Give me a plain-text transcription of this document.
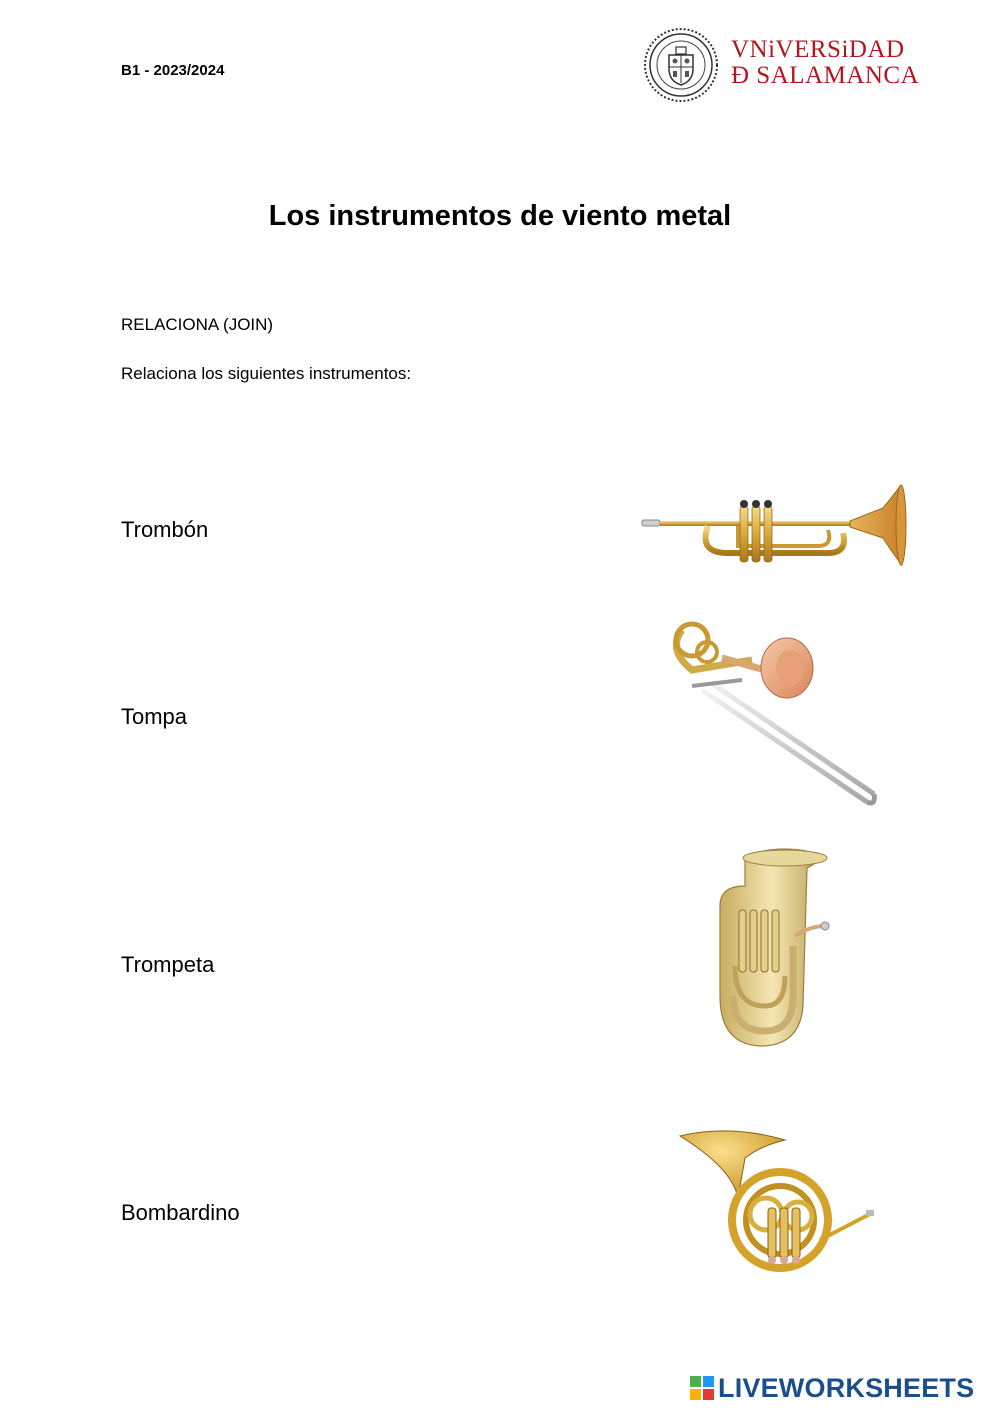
B1 - 2023/2024
VNiVERSiDAD
Ð SALAMANCA
Los instrumentos de viento metal
RELACIONA (JOIN)
Relaciona los siguientes instrumentos:
Trombón
Tompa
Trompeta
Bombardino
LIVEWORKSHEETS
